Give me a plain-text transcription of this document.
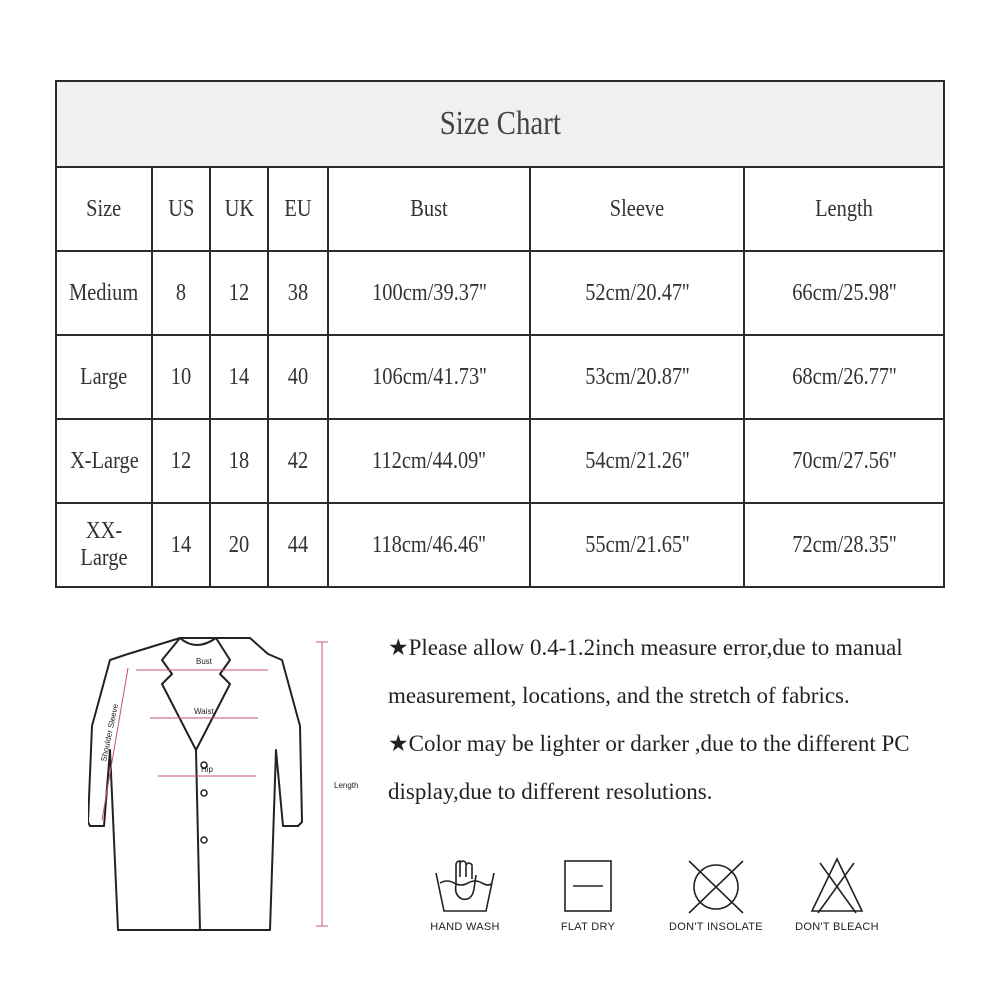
Size Chart						
Size	US	UK	EU	Bust	Sleeve	Length
Medium	8	12	38	100cm/39.37''	52cm/20.47''	66cm/25.98''
Large	10	14	40	106cm/41.73''	53cm/20.87''	68cm/26.77''
X-Large	12	18	42	112cm/44.09''	54cm/21.26''	70cm/27.56''
XX-Large	14	20	44	118cm/46.46''	55cm/21.65''	72cm/28.35''
Bust
Waist
Hip
Length
Shoulder Sleeve

★Please allow 0.4-1.2inch measure error,due to manual measurement, locations, and the stretch of fabrics.

★Color may be lighter or darker ,due to the different PC display,due to different resolutions.

HAND WASH	FLAT DRY	DON'T INSOLATE	DON'T BLEACH
